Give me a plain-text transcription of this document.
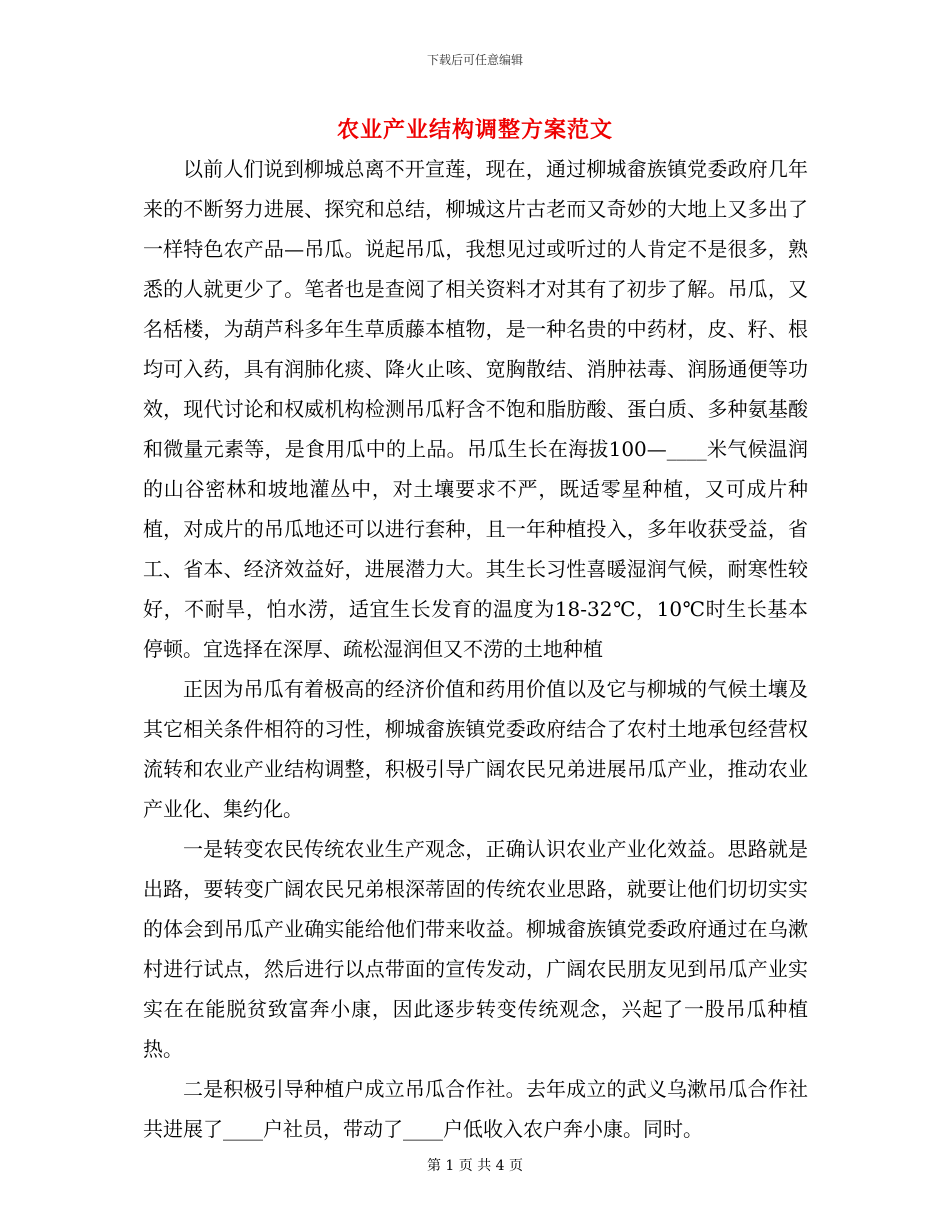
下载后可任意编辑
农业产业结构调整方案范文

以前人们说到柳城总离不开宣莲，现在，通过柳城畲族镇党委政府几年来的不断努力进展、探究和总结，柳城这片古老而又奇妙的大地上又多出了一样特色农产品—吊瓜。说起吊瓜，我想见过或听过的人肯定不是很多，熟悉的人就更少了。笔者也是查阅了相关资料才对其有了初步了解。吊瓜，又名栝楼，为葫芦科多年生草质藤本植物，是一种名贵的中药材，皮、籽、根均可入药，具有润肺化痰、降火止咳、宽胸散结、消肿祛毒、润肠通便等功效，现代讨论和权威机构检测吊瓜籽含不饱和脂肪酸、蛋白质、多种氨基酸和微量元素等，是食用瓜中的上品。吊瓜生长在海拔100—____米气候温润的山谷密林和坡地灌丛中，对土壤要求不严，既适零星种植，又可成片种植，对成片的吊瓜地还可以进行套种，且一年种植投入，多年收获受益，省工、省本、经济效益好，进展潜力大。其生长习性喜暖湿润气候，耐寒性较好，不耐旱，怕水涝，适宜生长发育的温度为18-32℃，10℃时生长基本停顿。宜选择在深厚、疏松湿润但又不涝的土地种植

正因为吊瓜有着极高的经济价值和药用价值以及它与柳城的气候土壤及其它相关条件相符的习性，柳城畲族镇党委政府结合了农村土地承包经营权流转和农业产业结构调整，积极引导广阔农民兄弟进展吊瓜产业，推动农业产业化、集约化。

一是转变农民传统农业生产观念，正确认识农业产业化效益。思路就是出路，要转变广阔农民兄弟根深蒂固的传统农业思路，就要让他们切切实实的体会到吊瓜产业确实能给他们带来收益。柳城畲族镇党委政府通过在乌漱村进行试点，然后进行以点带面的宣传发动，广阔农民朋友见到吊瓜产业实实在在能脱贫致富奔小康，因此逐步转变传统观念，兴起了一股吊瓜种植热。

二是积极引导种植户成立吊瓜合作社。去年成立的武义乌漱吊瓜合作社共进展了____户社员，带动了____户低收入农户奔小康。同时。

第 1 页 共 4 页
